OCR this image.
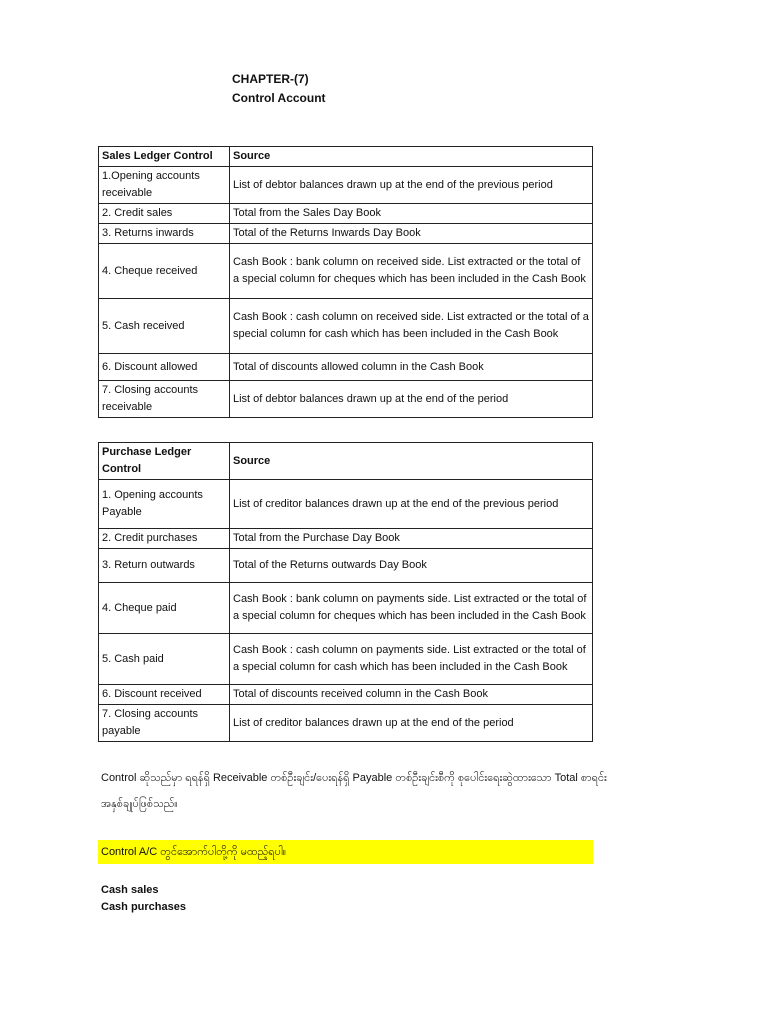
CHAPTER-(7)
Control Account
Sales Ledger Control	Source
1.Opening accounts receivable	List of debtor balances drawn up at the end of the previous period
2. Credit sales	Total from the Sales Day Book
3. Returns inwards	Total of the Returns Inwards Day Book
4. Cheque received	Cash Book : bank column on received side. List extracted or the total of a special column for cheques which has been included in the Cash Book
5. Cash received	Cash Book : cash column on received side. List extracted or the total of a special column for cash which has been included in the Cash Book
6. Discount allowed	Total of discounts allowed column in the Cash Book
7. Closing accounts receivable	List of debtor balances drawn up at the end of the period
Purchase Ledger Control	Source
1. Opening accounts Payable	List of creditor balances drawn up at the end of the previous period
2. Credit purchases	Total from the Purchase Day Book
3. Return outwards	Total of the Returns outwards Day Book
4. Cheque paid	Cash Book : bank column on payments side. List extracted or the total of a special column for cheques which has been included in the Cash Book
5. Cash paid	Cash Book : cash column on payments side. List extracted or the total of a special column for cash which has been included in the Cash Book
6. Discount received	Total of discounts received column in the Cash Book
7. Closing accounts payable	List of creditor balances drawn up at the end of the period
Control ဆိုသည်မှာ ရရန်ရှိ Receivable တစ်ဦးချင်း/ပေးရန်ရှိ Payable တစ်ဦးချင်းစီကို စုပေါင်းရေးဆွဲထားသော Total စာရင်းအနှစ်ချုပ်ဖြစ်သည်။
Control A/C တွင်အောက်ပါတို့ကို မထည့်ရပါ။
Cash sales
Cash purchases
